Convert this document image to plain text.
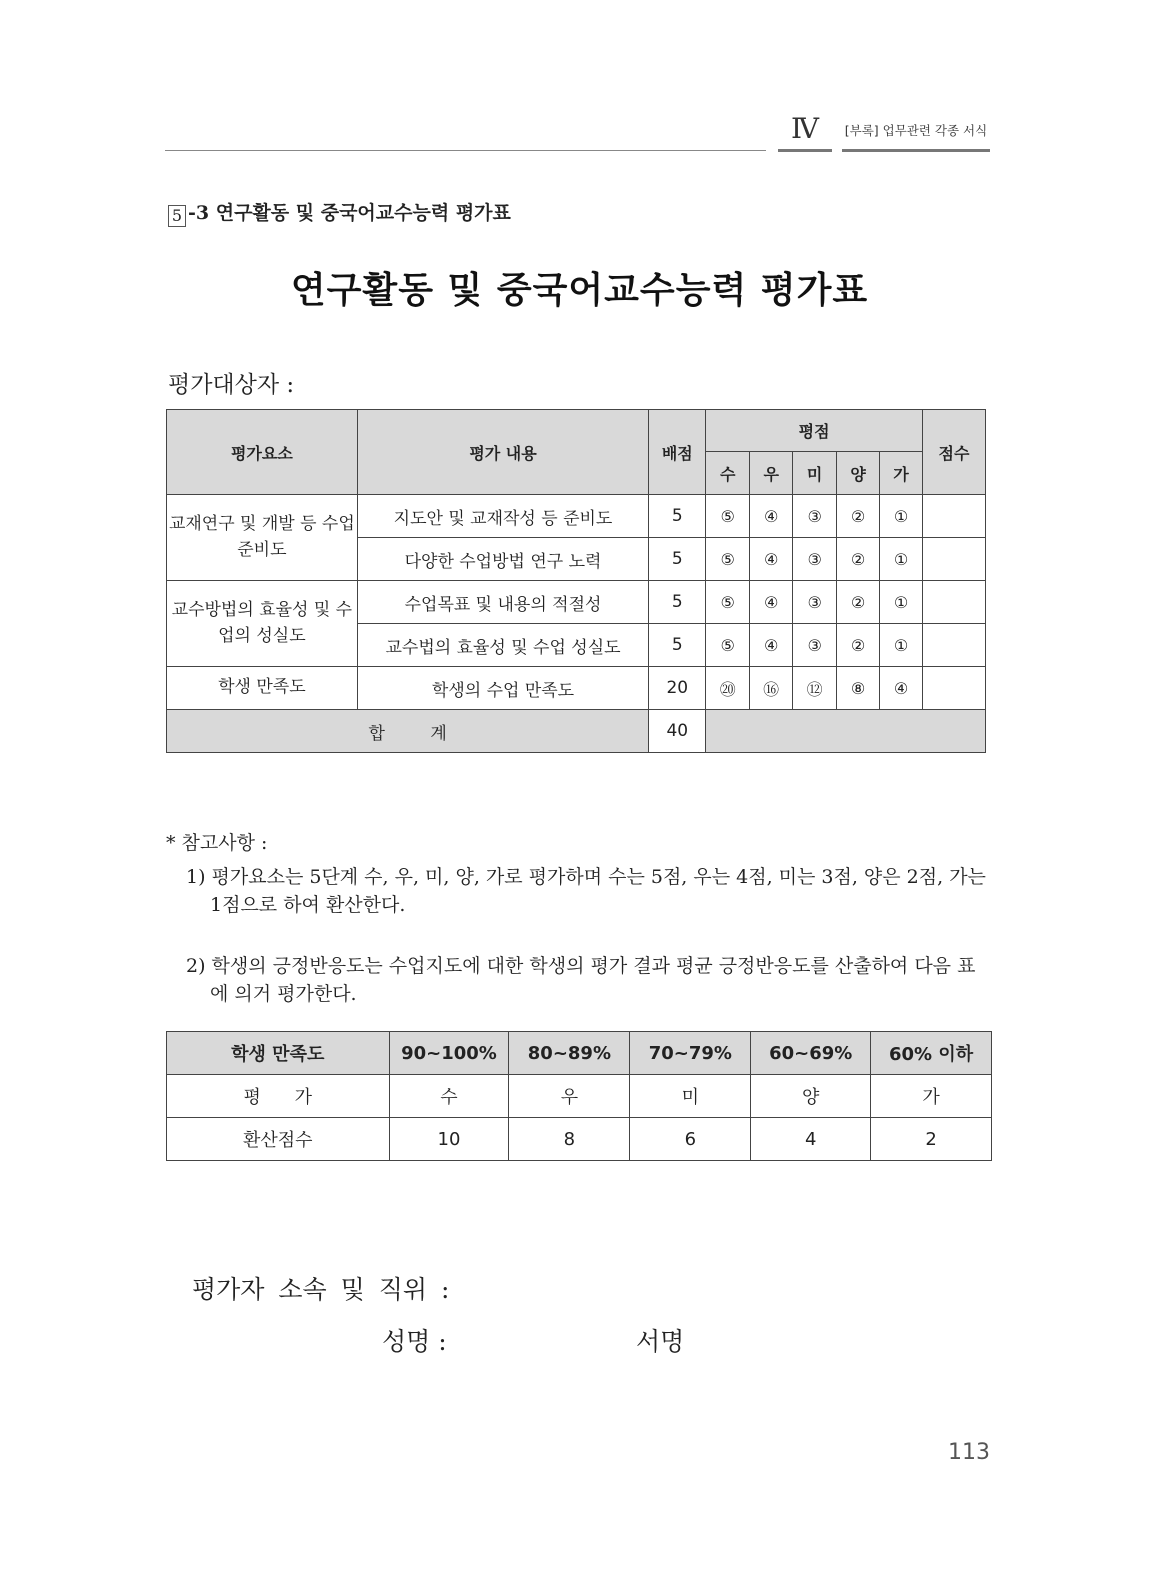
Ⅳ	[부록] 업무관련 각종 서식
5 -3 연구활동 및 중국어교수능력 평가표
연구활동 및 중국어교수능력 평가표
평가대상자 :
평가요소	평가 내용	배점	평점					점수
			수	우	미	양	가	
교재연구 및 개발 등 수업준비도	지도안 및 교재작성 등 준비도	5	⑤	④	③	②	①	
	다양한 수업방법 연구 노력	5	⑤	④	③	②	①	
교수방법의 효율성 및 수업의 성실도	수업목표 및 내용의 적절성	5	⑤	④	③	②	①	
	교수법의 효율성 및 수업 성실도	5	⑤	④	③	②	①	
학생 만족도	학생의 수업 만족도	20	⑳	⑯	⑫	⑧	④	
합 계		40						
* 참고사항 :
1) 평가요소는 5단계 수, 우, 미, 양, 가로 평가하며 수는 5점, 우는 4점, 미는 3점, 양은 2점, 가는 1점으로 하여 환산한다.
2) 학생의 긍정반응도는 수업지도에 대한 학생의 평가 결과 평균 긍정반응도를 산출하여 다음 표에 의거 평가한다.
학생 만족도	90~100%	80~89%	70~79%	60~69%	60% 이하
평 가	수	우	미	양	가
환산점수	10	8	6	4	2
평가자 소속 및 직위 :
성명 :	서명
113
